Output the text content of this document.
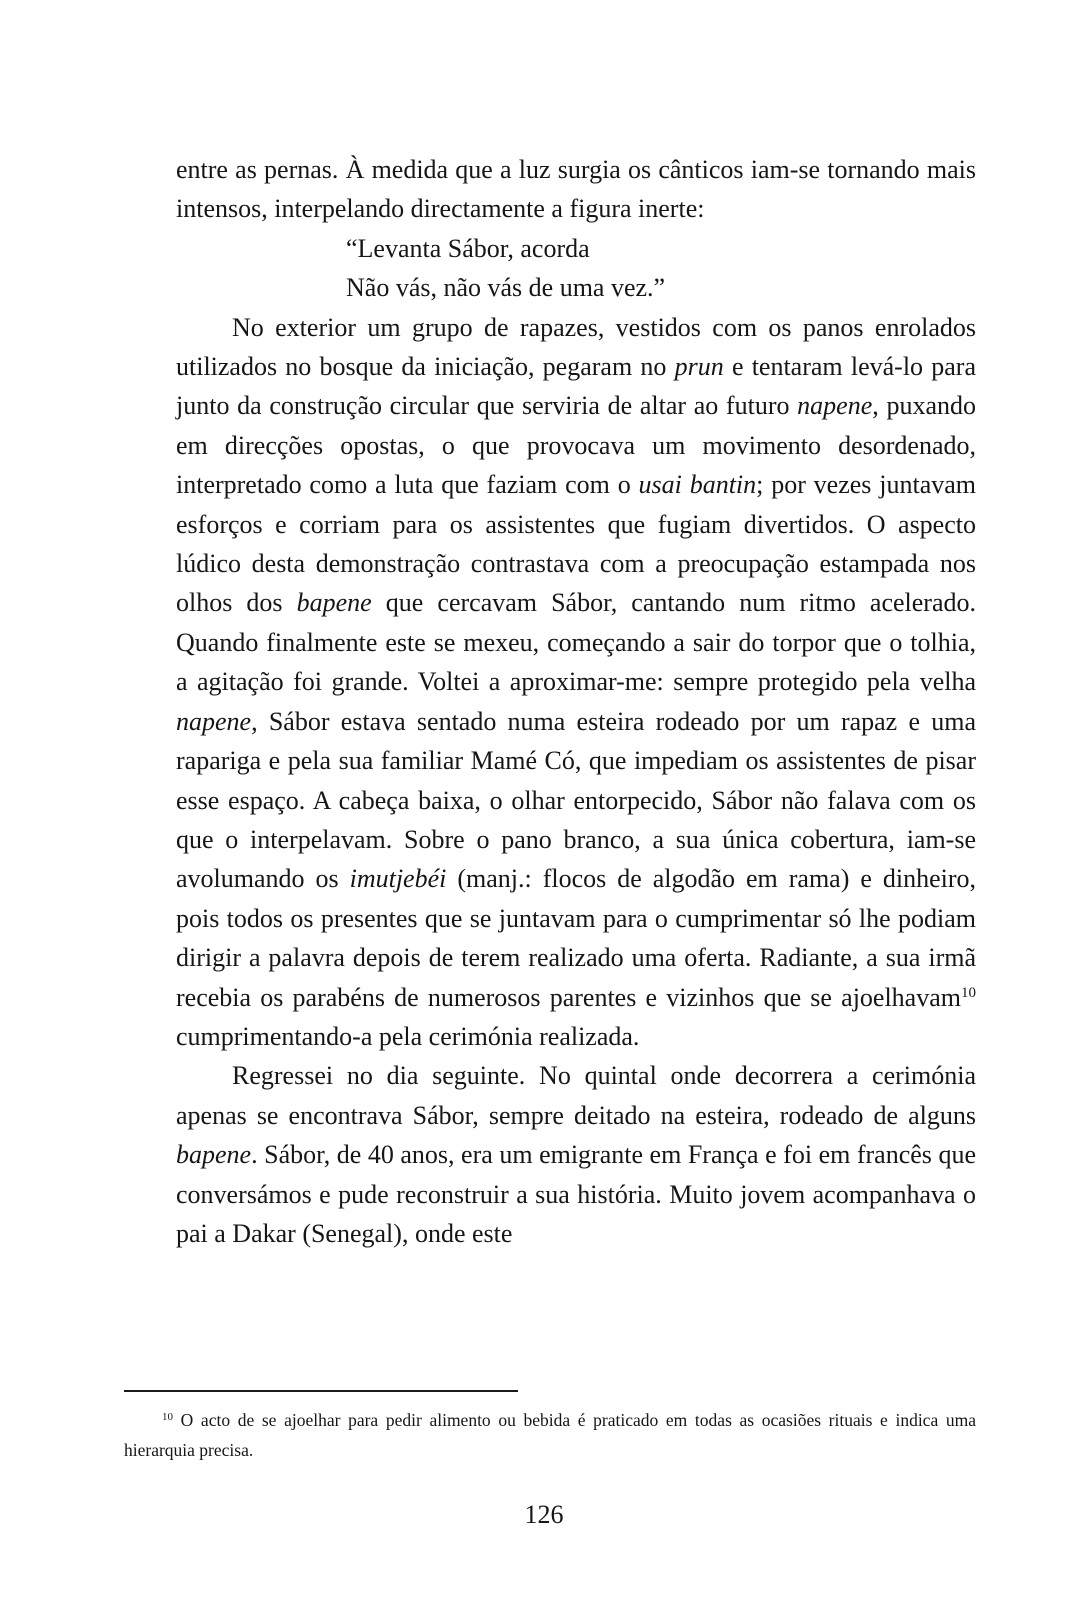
entre as pernas. À medida que a luz surgia os cânticos iam-se tornando mais intensos, interpelando directamente a figura inerte:

“Levanta Sábor, acorda
Não vás, não vás de uma vez.”

No exterior um grupo de rapazes, vestidos com os panos enrolados utilizados no bosque da iniciação, pegaram no prun e tentaram levá-lo para junto da construção circular que serviria de altar ao futuro napene, puxando em direcções opostas, o que provocava um movimento desordenado, interpretado como a luta que faziam com o usai bantin; por vezes juntavam esforços e corriam para os assistentes que fugiam divertidos. O aspecto lúdico desta demonstração contrastava com a preocupação estampada nos olhos dos bapene que cercavam Sábor, cantando num ritmo acelerado. Quando finalmente este se mexeu, começando a sair do torpor que o tolhia, a agitação foi grande. Voltei a aproximar-me: sempre protegido pela velha napene, Sábor estava sentado numa esteira rodeado por um rapaz e uma rapariga e pela sua familiar Mamé Có, que impediam os assistentes de pisar esse espaço. A cabeça baixa, o olhar entorpecido, Sábor não falava com os que o interpelavam. Sobre o pano branco, a sua única cobertura, iam-se avolumando os imutjebéi (manj.: flocos de algodão em rama) e dinheiro, pois todos os presentes que se juntavam para o cumprimentar só lhe podiam dirigir a palavra depois de terem realizado uma oferta. Radiante, a sua irmã recebia os parabéns de numerosos parentes e vizinhos que se ajoelhavam$^{10}$ cumprimentando-a pela cerimónia realizada.

Regressei no dia seguinte. No quintal onde decorrera a cerimónia apenas se encontrava Sábor, sempre deitado na esteira, rodeado de alguns bapene. Sábor, de 40 anos, era um emigrante em França e foi em francês que conversámos e pude reconstruir a sua história. Muito jovem acompanhava o pai a Dakar (Senegal), onde este

$^{10}$ O acto de se ajoelhar para pedir alimento ou bebida é praticado em todas as ocasiões rituais e indica uma hierarquia precisa.

126
